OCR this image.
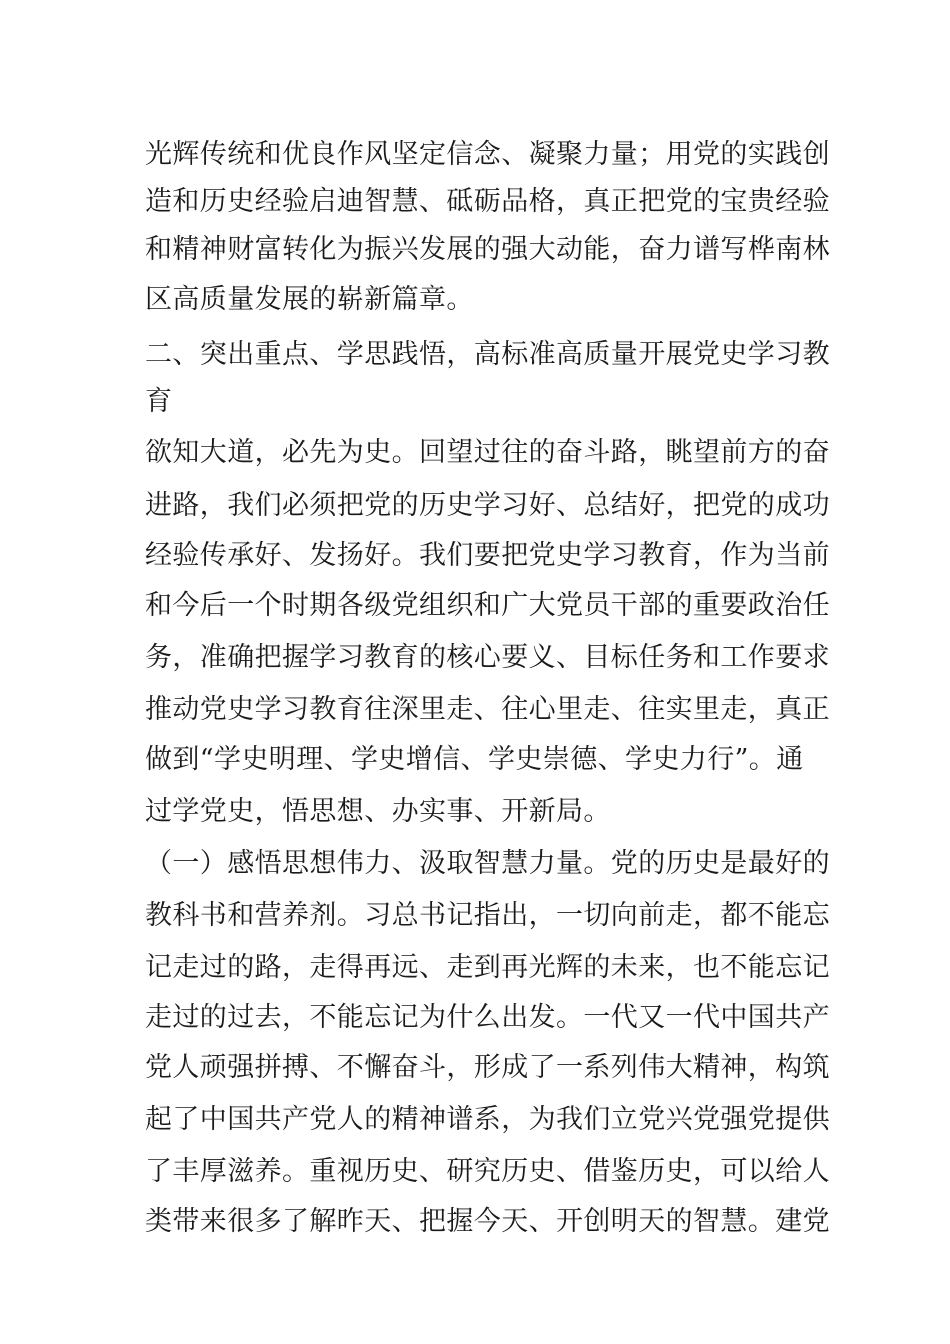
光辉传统和优良作风坚定信念、凝聚力量；用党的实践创
造和历史经验启迪智慧、砥砺品格，真正把党的宝贵经验
和精神财富转化为振兴发展的强大动能，奋力谱写桦南林
区高质量发展的崭新篇章。
二、突出重点、学思践悟，高标准高质量开展党史学习教
育
欲知大道，必先为史。回望过往的奋斗路，眺望前方的奋
进路，我们必须把党的历史学习好、总结好，把党的成功
经验传承好、发扬好。我们要把党史学习教育，作为当前
和今后一个时期各级党组织和广大党员干部的重要政治任
务，准确把握学习教育的核心要义、目标任务和工作要求
推动党史学习教育往深里走、往心里走、往实里走，真正
做到“学史明理、学史增信、学史崇德、学史力行”。通
过学党史，悟思想、办实事、开新局。
（一）感悟思想伟力、汲取智慧力量。党的历史是最好的
教科书和营养剂。习总书记指出，一切向前走，都不能忘
记走过的路，走得再远、走到再光辉的未来，也不能忘记
走过的过去，不能忘记为什么出发。一代又一代中国共产
党人顽强拼搏、不懈奋斗，形成了一系列伟大精神，构筑
起了中国共产党人的精神谱系，为我们立党兴党强党提供
了丰厚滋养。重视历史、研究历史、借鉴历史，可以给人
类带来很多了解昨天、把握今天、开创明天的智慧。建党
